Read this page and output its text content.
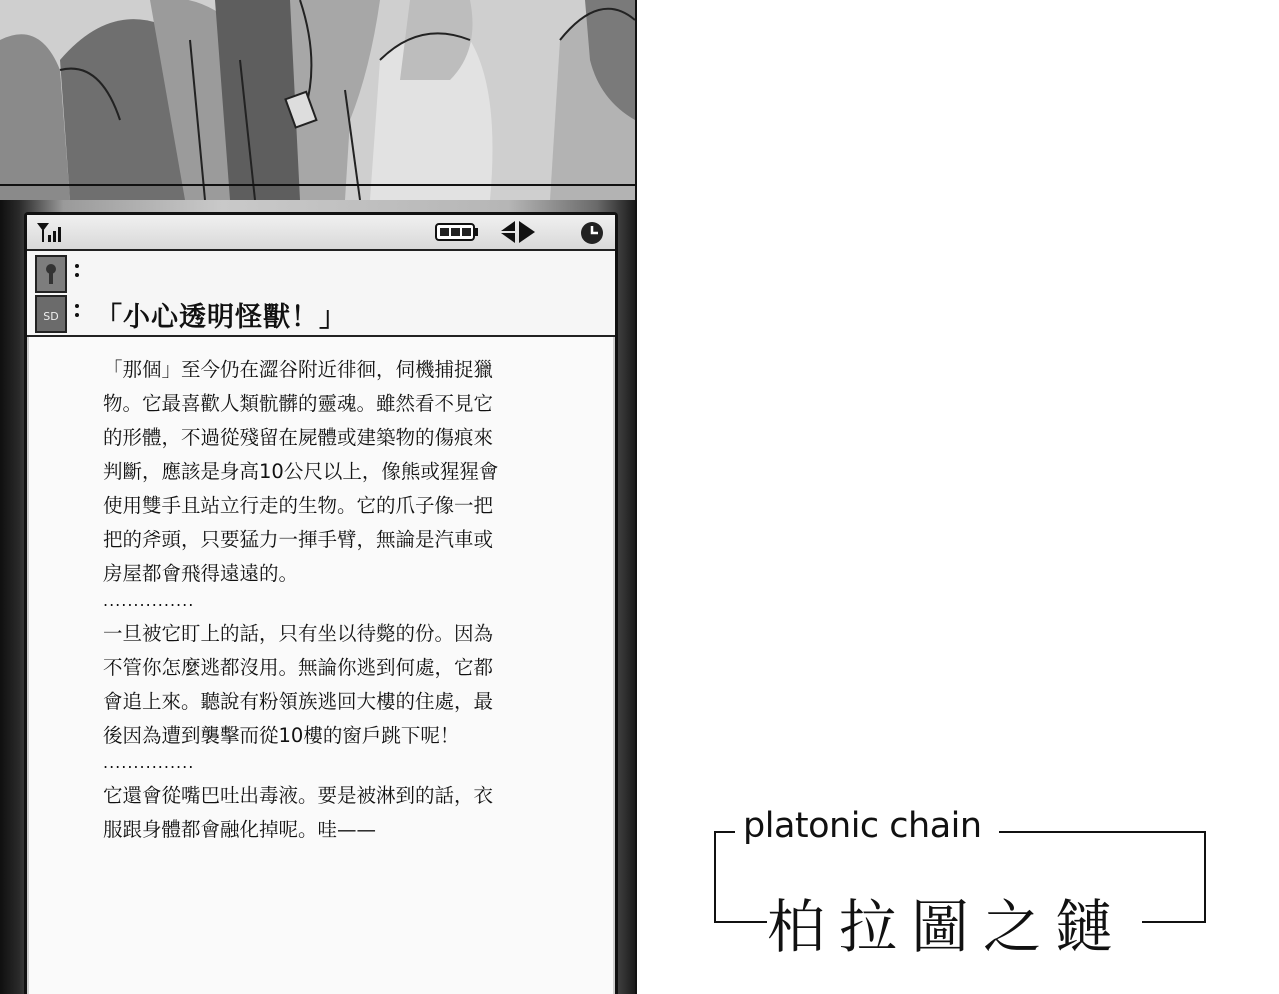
SD	「小心透明怪獸！」
「那個」至今仍在澀谷附近徘徊，伺機捕捉獵
物。它最喜歡人類骯髒的靈魂。雖然看不見它
的形體，不過從殘留在屍體或建築物的傷痕來
判斷，應該是身高10公尺以上，像熊或猩猩會
使用雙手且站立行走的生物。它的爪子像一把
把的斧頭，只要猛力一揮手臂，無論是汽車或
房屋都會飛得遠遠的。
...............
一旦被它盯上的話，只有坐以待斃的份。因為
不管你怎麼逃都沒用。無論你逃到何處，它都
會追上來。聽說有粉領族逃回大樓的住處，最
後因為遭到襲擊而從10樓的窗戶跳下呢！
...............
它還會從嘴巴吐出毒液。要是被淋到的話，衣
服跟身體都會融化掉呢。哇——	platonic chain
柏拉圖之鏈
